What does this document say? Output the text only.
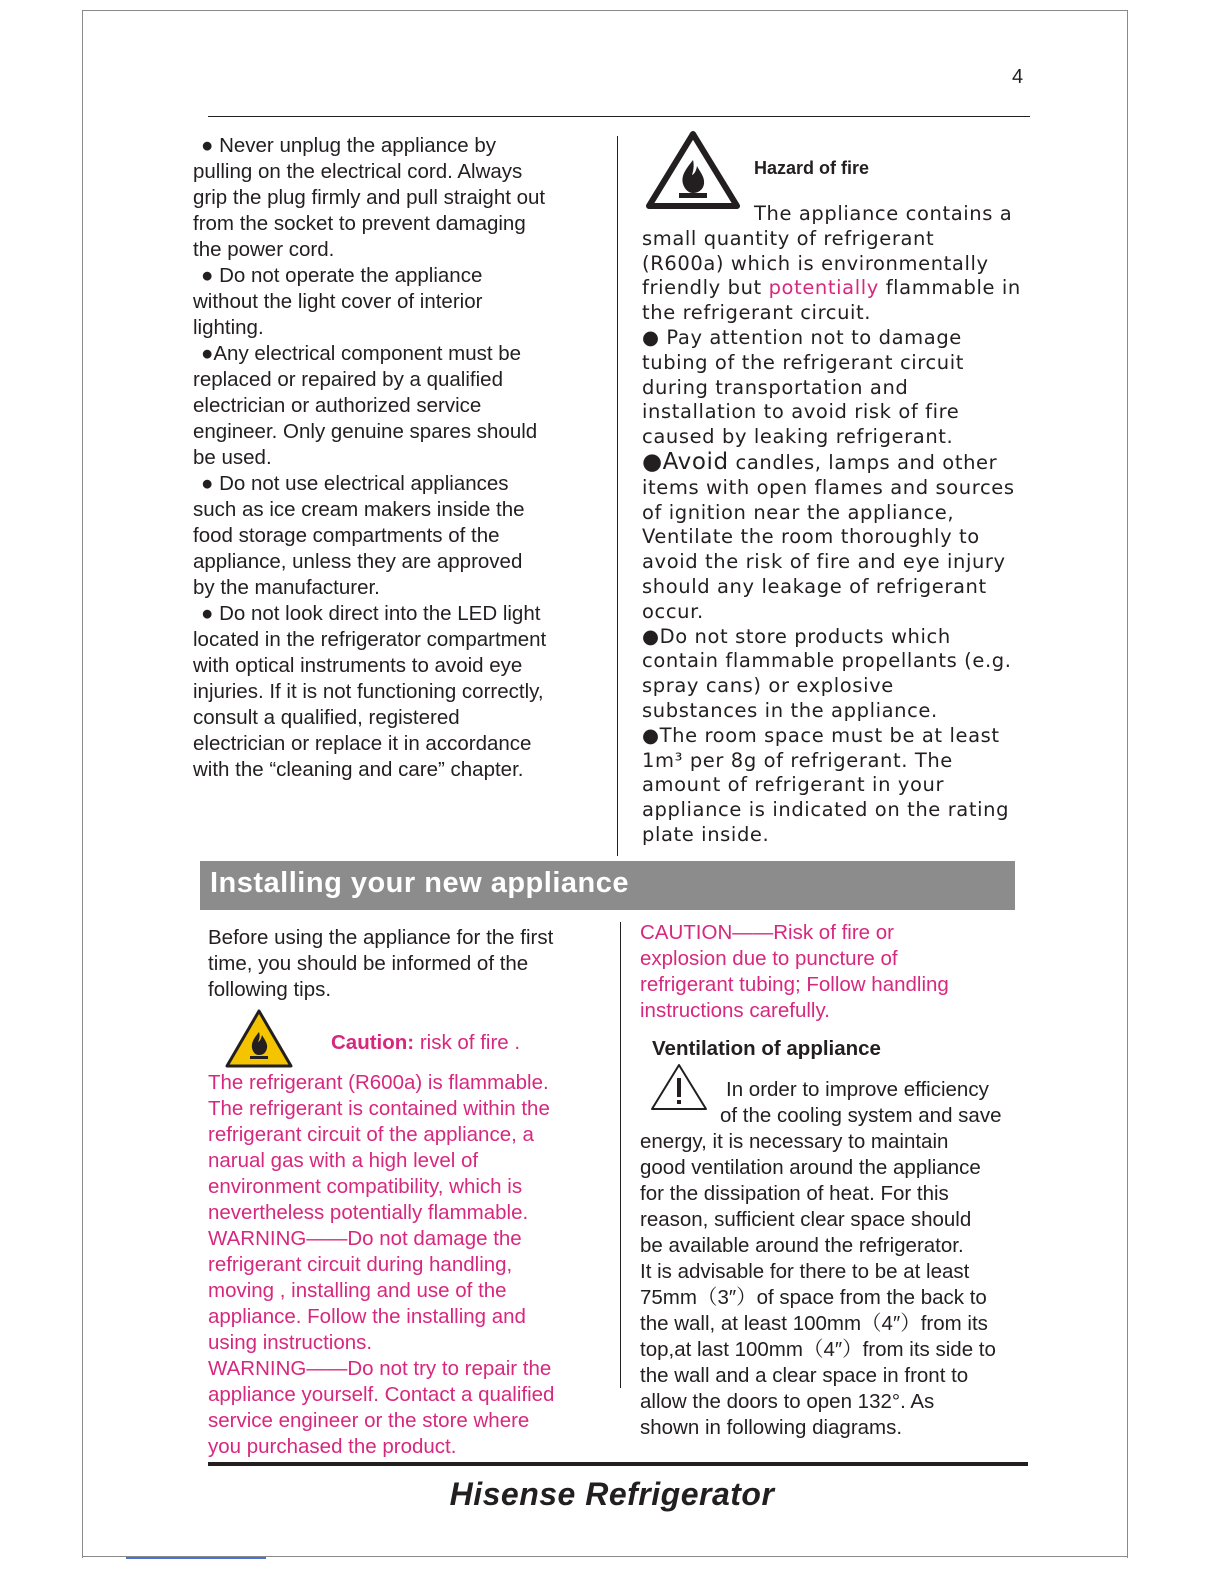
4

● Never unplug the appliance by

pulling on the electrical cord. Always

grip the plug firmly and pull straight out

from the socket to prevent damaging

the power cord.

● Do not operate the appliance

without the light cover of interior

lighting.

●Any electrical component must be

replaced or repaired by a qualified

electrician or authorized service

engineer. Only genuine spares should

be used.

● Do not use electrical appliances

such as ice cream makers inside the

food storage compartments of the

appliance, unless they are approved

by the manufacturer.

● Do not look direct into the LED light

located in the refrigerator compartment

with optical instruments to avoid eye

injuries. If it is not functioning correctly,

consult a qualified, registered

electrician or replace it in accordance

with the “cleaning and care” chapter.

Hazard of fire

The appliance contains a

small quantity of refrigerant

(R600a) which is environmentally

friendly but potentially flammable in

the refrigerant circuit.

● Pay attention not to damage

tubing of the refrigerant circuit

during transportation and

installation to avoid risk of fire

caused by leaking refrigerant.

●Avoid candles, lamps and other

items with open flames and sources

of ignition near the appliance,

Ventilate the room thoroughly to

avoid the risk of fire and eye injury

should any leakage of refrigerant

occur.

●Do not store products which

contain flammable propellants (e.g.

spray cans) or explosive

substances in the appliance.

●The room space must be at least

1m³ per 8g of refrigerant. The

amount of refrigerant in your

appliance is indicated on the rating

plate inside.

Installing your new appliance

Before using the appliance for the first

time, you should be informed of the

following tips.

Caution: risk of fire .

The refrigerant (R600a) is flammable.

The refrigerant is contained within the

refrigerant circuit of the appliance, a

narual gas with a high level of

environment compatibility, which is

nevertheless potentially flammable.

WARNING——Do not damage the

refrigerant circuit during handling,

moving , installing and use of the

appliance. Follow the installing and

using instructions.

WARNING——Do not try to repair the

appliance yourself. Contact a qualified

service engineer or the store where

you purchased the product.

CAUTION——Risk of fire or

explosion due to puncture of

refrigerant tubing; Follow handling

instructions carefully.

Ventilation of appliance

In order to improve efficiency

of the cooling system and save

energy, it is necessary to maintain

good ventilation around the appliance

for the dissipation of heat. For this

reason, sufficient clear space should

be available around the refrigerator.

It is advisable for there to be at least

75mm（3″）of space from the back to

the wall, at least 100mm（4″）from its

top,at last 100mm（4″）from its side to

the wall and a clear space in front to

allow the doors to open 132°. As

shown in following diagrams.

Hisense Refrigerator
